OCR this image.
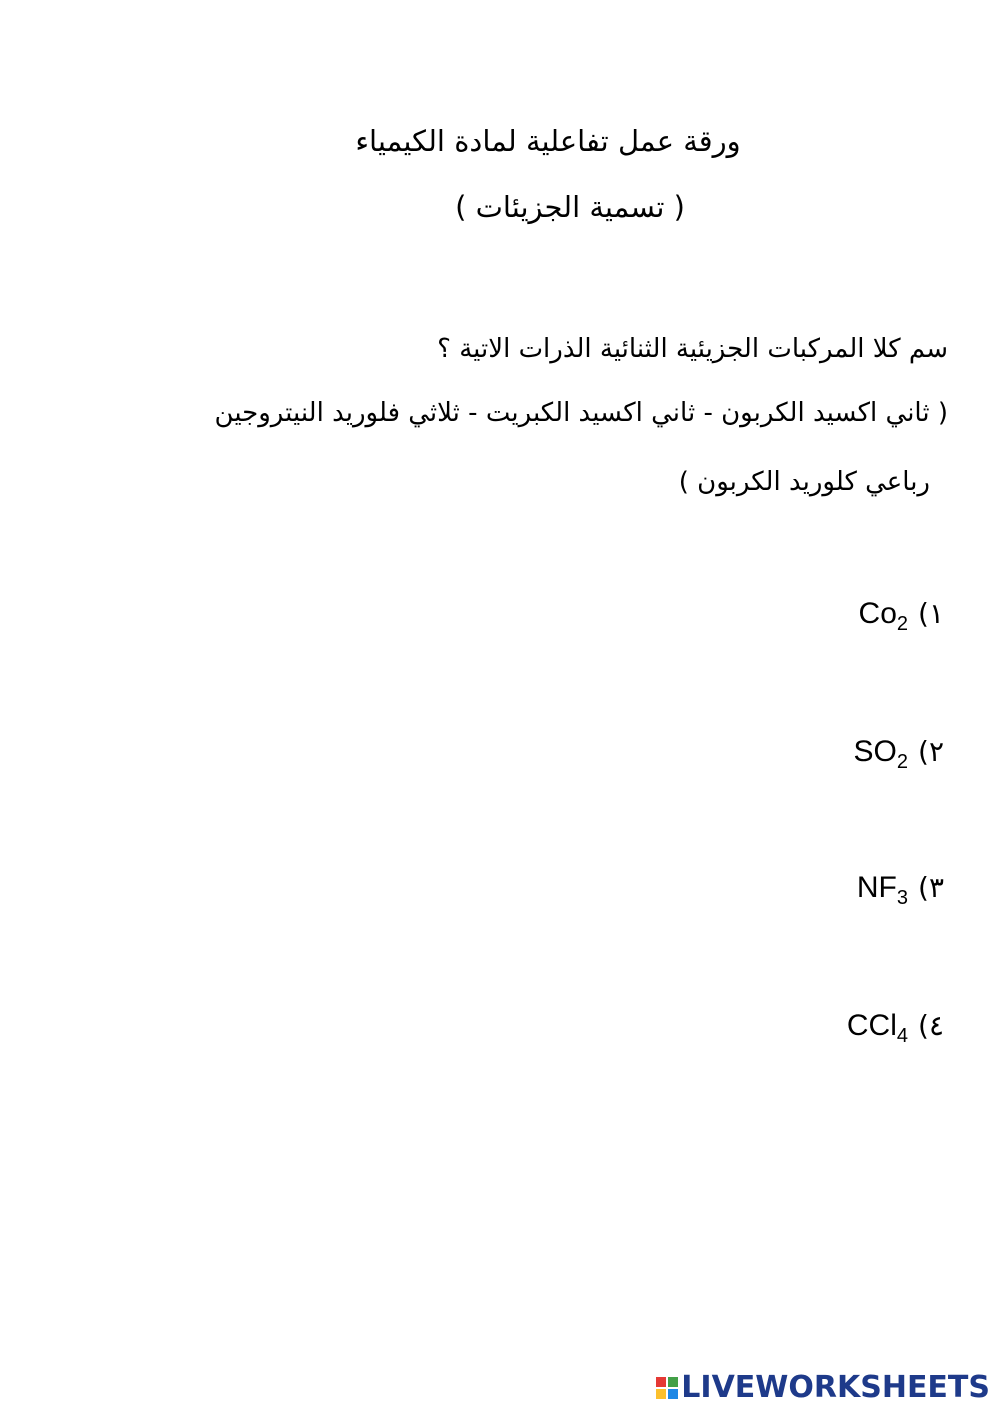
ورقة عمل تفاعلية لمادة الكيمياء
( تسمية الجزيئات )
سم كلا المركبات الجزيئية الثنائية الذرات الاتية ؟
( ثاني اكسيد الكربون - ثاني اكسيد الكبريت - ثلاثي فلوريد النيتروجين
رباعي كلوريد الكربون )
$Co_2$ (١
$SO_2$ (٢
$NF_3$ (٣
CCl$_4$ (٤
LIVEWORKSHEETS
